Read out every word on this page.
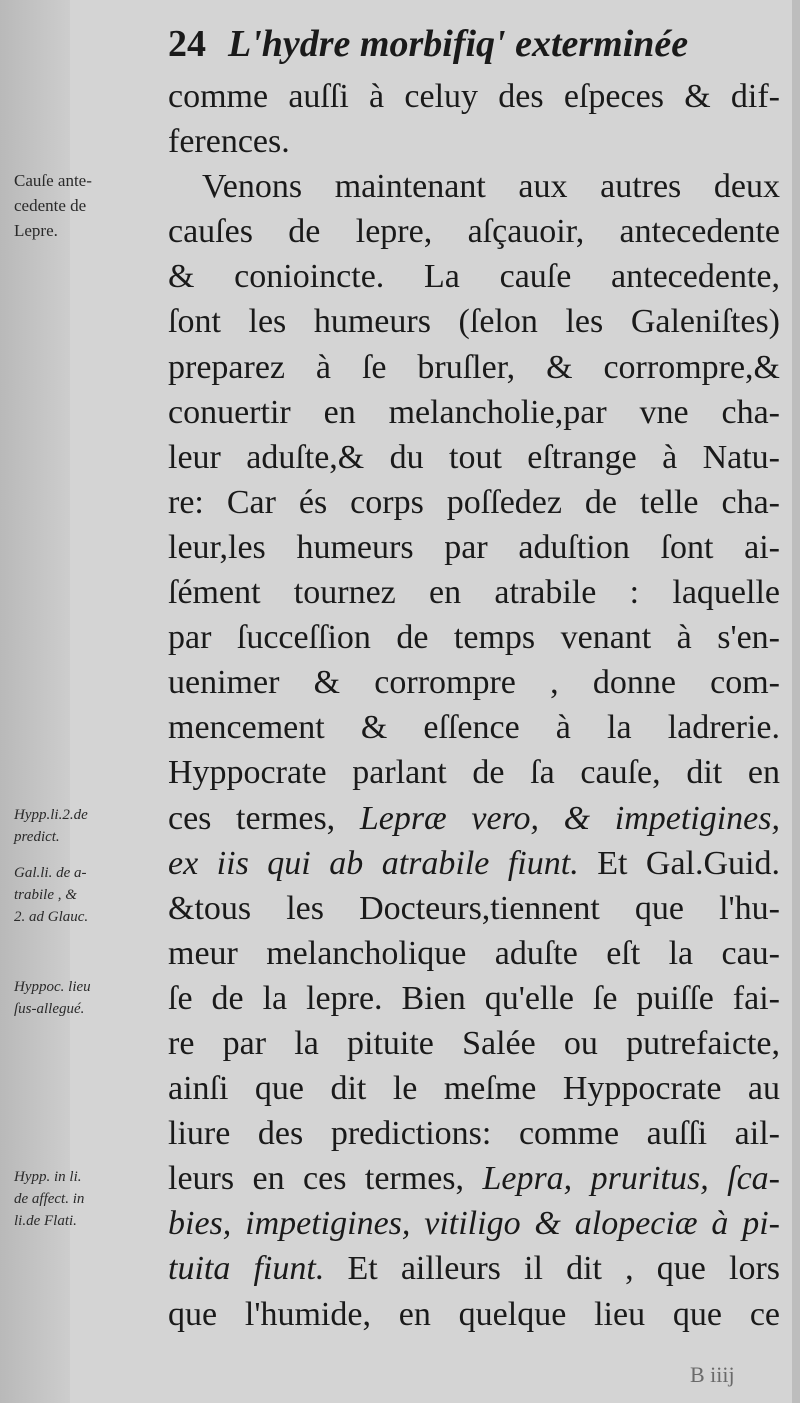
24 L'hydre morbifiq' exterminée
comme auſſi à celuy des eſpeces & dif-
ferences.
Venons maintenant aux autres deux
cauſes de lepre, aſçauoir, antecedente
& conioincte. La cauſe antecedente,
ſont les humeurs (ſelon les Galeniſtes)
preparez à ſe bruſler, & corrompre,&
conuertir en melancholie,par vne cha-
leur aduſte,& du tout eſtrange à Natu-
re: Car és corps poſſedez de telle cha-
leur,les humeurs par aduſtion ſont ai-
ſément tournez en atrabile : laquelle
par ſucceſſion de temps venant à s'en-
uenimer & corrompre , donne com-
mencement & eſſence à la ladrerie.
Hyppocrate parlant de ſa cauſe, dit en
ces termes, Lepræ vero, & impetigines,
ex iis qui ab atrabile fiunt. Et Gal.Guid.
&tous les Docteurs,tiennent que l'hu-
meur melancholique aduſte eſt la cau-
ſe de la lepre. Bien qu'elle ſe puiſſe fai-
re par la pituite Salée ou putrefaicte,
ainſi que dit le meſme Hyppocrate au
liure des predictions: comme auſſi ail-
leurs en ces termes, Lepra, pruritus, ſca-
bies, impetigines, vitiligo & alopeciæ à pi-
tuita fiunt. Et ailleurs il dit , que lors
que l'humide, en quelque lieu que ce
Cauſe ante-
cedente de
Lepre.
Hypp.li.2.de
predict.
Gal.li. de a-
trabile , &
2. ad Glauc.
Hyppoc. lieu
ſus-allegué.
Hypp. in li.
de affect. in
li.de Flati.
B iiij
